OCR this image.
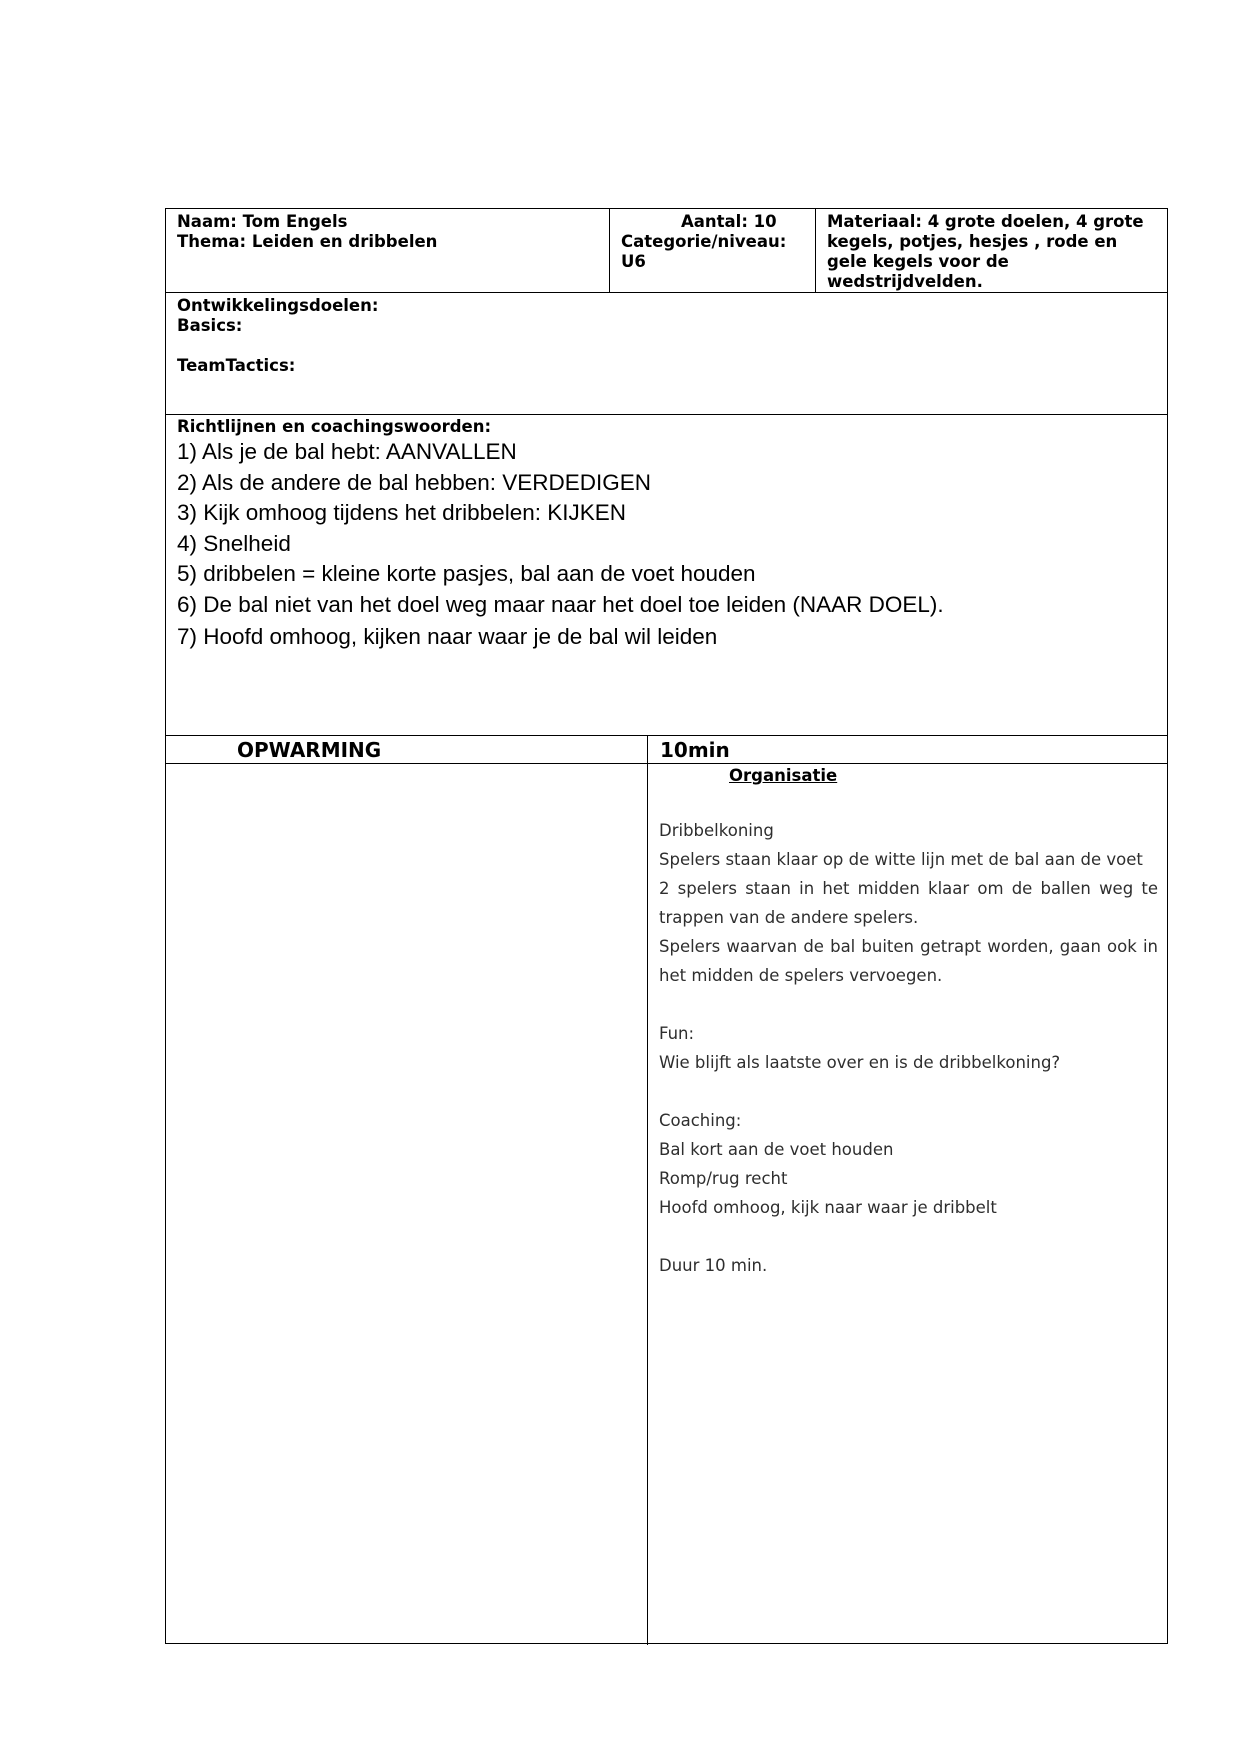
Naam: Tom Engels
Thema: Leiden en dribbelen
Aantal: 10
Categorie/niveau:
U6
Materiaal: 4 grote doelen, 4 grote
kegels, potjes, hesjes , rode en
gele kegels voor de
wedstrijdvelden.
Ontwikkelingsdoelen:
Basics:
TeamTactics:
Richtlijnen en coachingswoorden:
1) Als je de bal hebt: AANVALLEN
2) Als de andere de bal hebben: VERDEDIGEN
3) Kijk omhoog tijdens het dribbelen: KIJKEN
4) Snelheid
5) dribbelen = kleine korte pasjes, bal aan de voet houden
6) De bal niet van het doel weg maar naar het doel toe leiden (NAAR DOEL).
7) Hoofd omhoog, kijken naar waar je de bal wil leiden
OPWARMING	10min

Organisatie

Dribbelkoning

Spelers staan klaar op de witte lijn met de bal aan de voet

2 spelers staan in het midden klaar om de ballen weg te trappen van de andere spelers.

Spelers waarvan de bal buiten getrapt worden, gaan ook in het midden de spelers vervoegen.

Fun:

Wie blijft als laatste over en is de dribbelkoning?

Coaching:

Bal kort aan de voet houden

Romp/rug recht

Hoofd omhoog, kijk naar waar je dribbelt

Duur 10 min.
